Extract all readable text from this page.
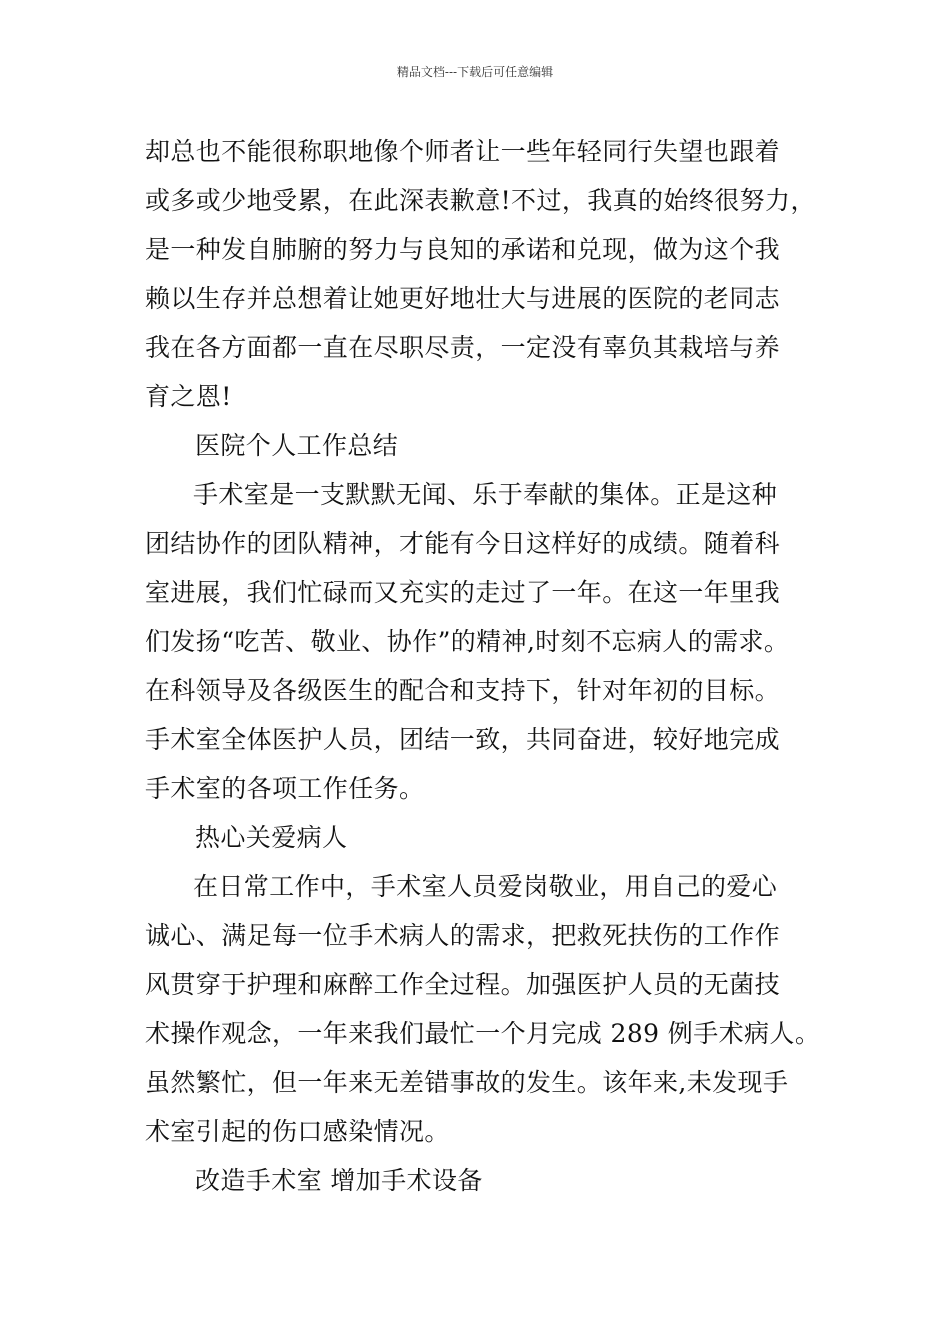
精品文档---下载后可任意编辑
却总也不能很称职地像个师者让一些年轻同行失望也跟着
或多或少地受累，在此深表歉意!不过，我真的始终很努力，
是一种发自肺腑的努力与良知的承诺和兑现，做为这个我
赖以生存并总想着让她更好地壮大与进展的医院的老同志
我在各方面都一直在尽职尽责，一定没有辜负其栽培与养
育之恩!
医院个人工作总结
手术室是一支默默无闻、乐于奉献的集体。正是这种
团结协作的团队精神，才能有今日这样好的成绩。随着科
室进展，我们忙碌而又充实的走过了一年。在这一年里我
们发扬“吃苦、敬业、协作”的精神,时刻不忘病人的需求。
在科领导及各级医生的配合和支持下，针对年初的目标。
手术室全体医护人员，团结一致，共同奋进，较好地完成
手术室的各项工作任务。
热心关爱病人
在日常工作中，手术室人员爱岗敬业，用自己的爱心
诚心、满足每一位手术病人的需求，把救死扶伤的工作作
风贯穿于护理和麻醉工作全过程。加强医护人员的无菌技
术操作观念，一年来我们最忙一个月完成 289 例手术病人。
虽然繁忙，但一年来无差错事故的发生。该年来,未发现手
术室引起的伤口感染情况。
改造手术室 增加手术设备
